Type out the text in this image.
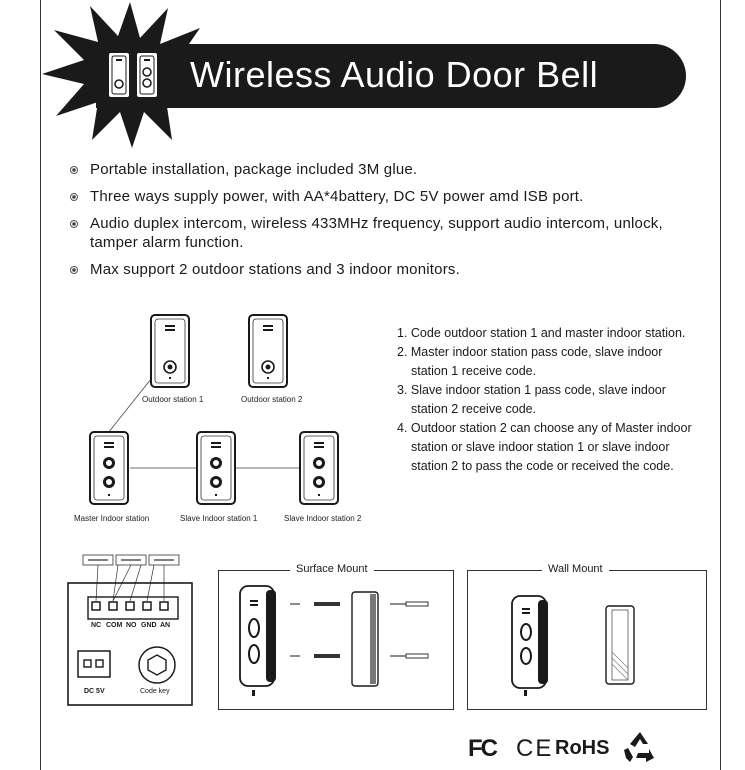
Wireless Audio Door Bell
Portable installation, package included 3M glue.
Three ways supply power, with AA*4battery, DC 5V power amd ISB port.
Audio duplex intercom, wireless 433MHz frequency, support audio intercom, unlock, tamper alarm function.
Max support 2 outdoor stations and 3 indoor monitors.
Outdoor station 1	Outdoor station 2
Master Indoor station	Slave Indoor station 1	Slave Indoor station 2
1. Code outdoor station 1 and master indoor station.
2. Master indoor station pass code, slave indoor station 1 receive code.
3. Slave indoor station 1 pass code, slave indoor station 2 receive code.
4. Outdoor station 2 can choose any of Master indoor station or slave indoor station 1 or slave indoor station 2 to pass the code or received the code.
NC COM NO GND AN
DC 5V	Code key
Surface Mount	Wall Mount
FC CE RoHS
